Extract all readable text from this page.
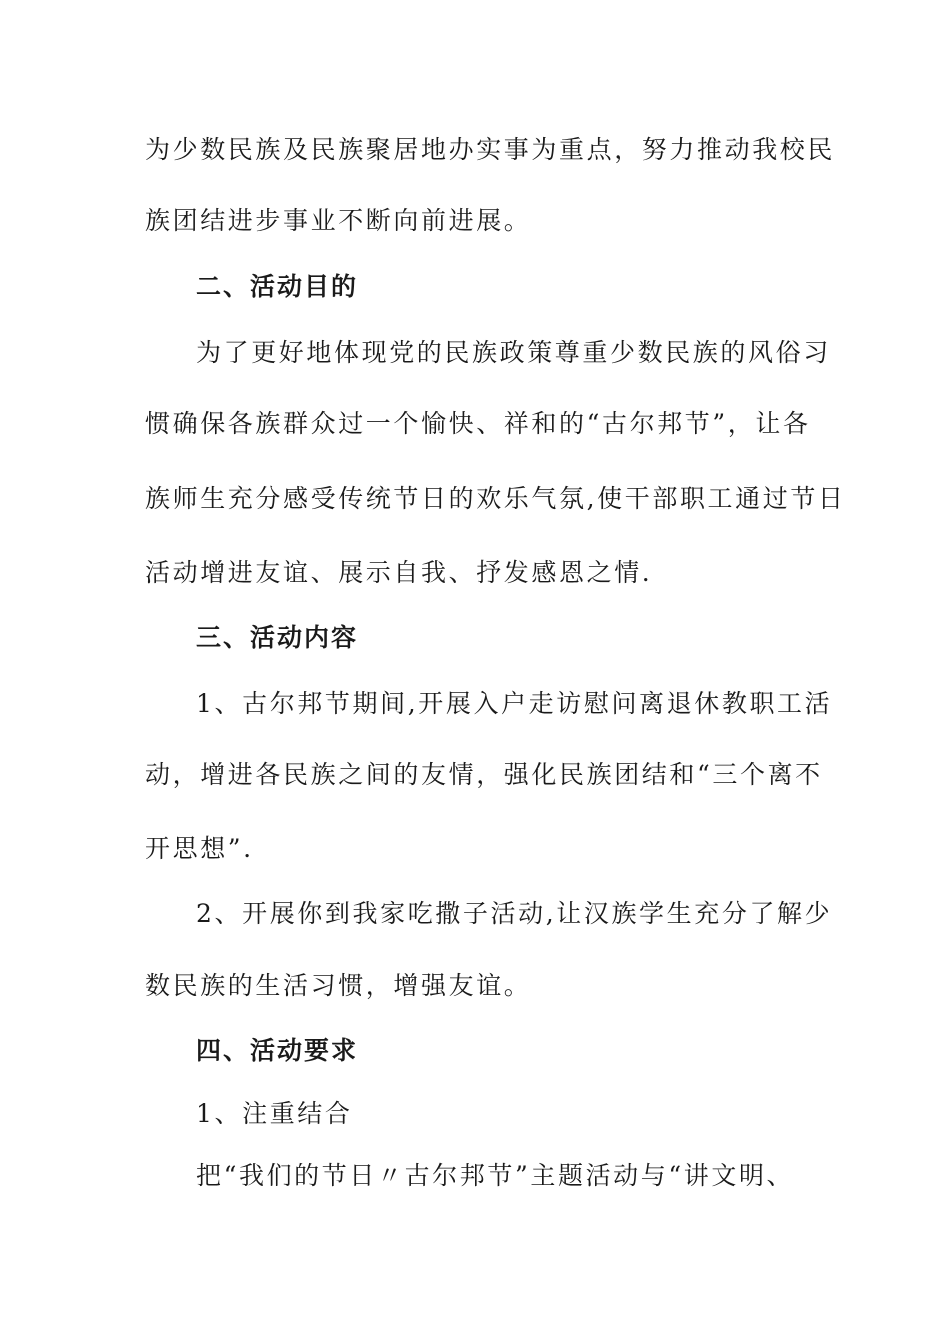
为少数民族及民族聚居地办实事为重点，努力推动我校民
族团结进步事业不断向前进展。
二、活动目的
为了更好地体现党的民族政策尊重少数民族的风俗习
惯确保各族群众过一个愉快、祥和的“古尔邦节”，让各
族师生充分感受传统节日的欢乐气氛,使干部职工通过节日
活动增进友谊、展示自我、抒发感恩之情.
三、活动内容
1、古尔邦节期间,开展入户走访慰问离退休教职工活
动，增进各民族之间的友情，强化民族团结和“三个离不
开思想”.
2、开展你到我家吃撒子活动,让汉族学生充分了解少
数民族的生活习惯，增强友谊。
四、活动要求
1、注重结合
把“我们的节日〃古尔邦节”主题活动与“讲文明、
